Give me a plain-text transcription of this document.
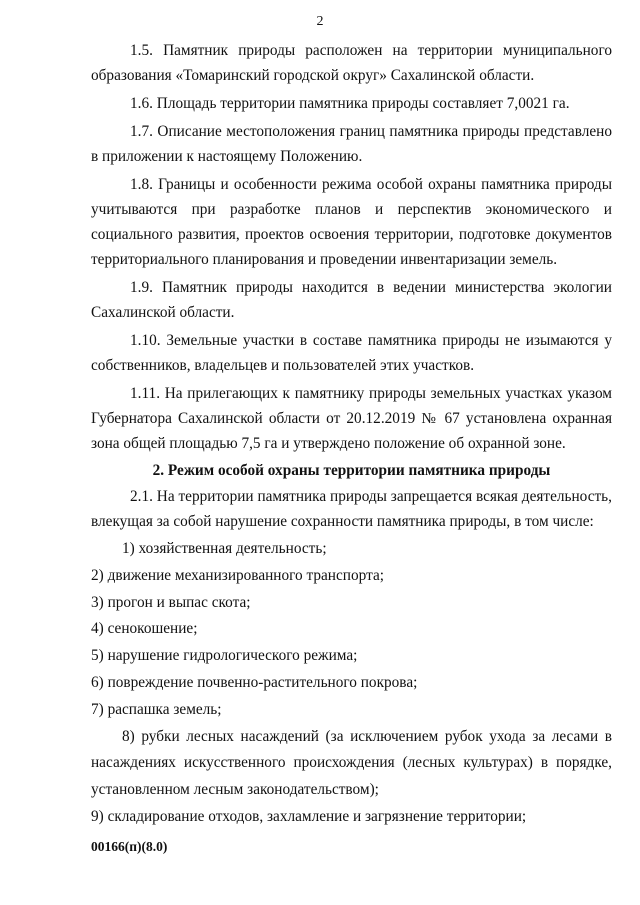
2

1.5. Памятник природы расположен на территории муниципального образования «Томаринский городской округ» Сахалинской области.

1.6. Площадь территории памятника природы составляет 7,0021 га.

1.7. Описание местоположения границ памятника природы представлено в приложении к настоящему Положению.

1.8. Границы и особенности режима особой охраны памятника природы учитываются при разработке планов и перспектив экономического и социального развития, проектов освоения территории, подготовке документов территориального планирования и проведении инвентаризации земель.

1.9. Памятник природы находится в ведении министерства экологии Сахалинской области.

1.10. Земельные участки в составе памятника природы не изымаются у собственников, владельцев и пользователей этих участков.

1.11. На прилегающих к памятнику природы земельных участках указом Губернатора Сахалинской области от 20.12.2019 № 67 установлена охранная зона общей площадью 7,5 га и утверждено положение об охранной зоне.

2. Режим особой охраны территории памятника природы

2.1. На территории памятника природы запрещается всякая деятельность, влекущая за собой нарушение сохранности памятника природы, в том числе:

1) хозяйственная деятельность;

2) движение механизированного транспорта;

3) прогон и выпас скота;

4) сенокошение;

5) нарушение гидрологического режима;

6) повреждение почвенно-растительного покрова;

7) распашка земель;

8) рубки лесных насаждений (за исключением рубок ухода за лесами в насаждениях искусственного происхождения (лесных культурах) в порядке, установленном лесным законодательством);

9) складирование отходов, захламление и загрязнение территории;

00166(п)(8.0)
